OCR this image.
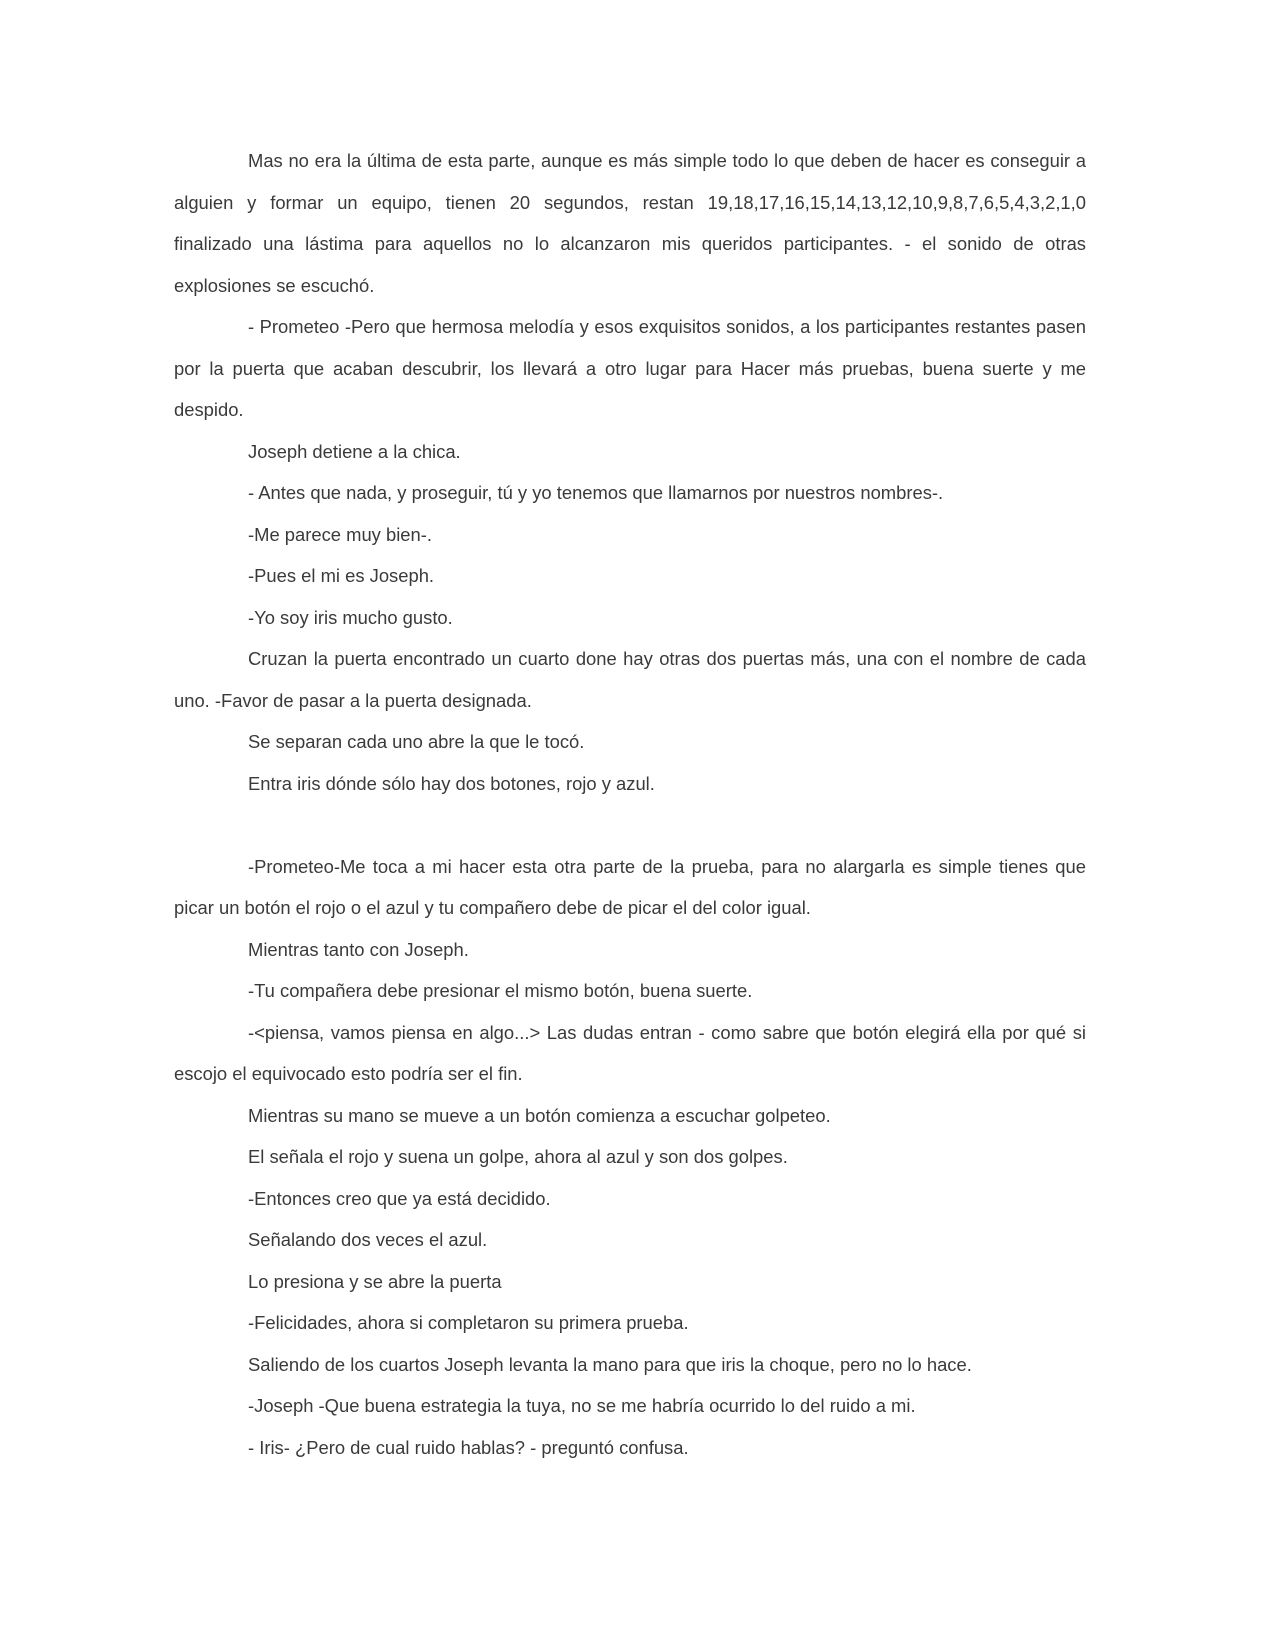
Mas no era la última de esta parte, aunque es más simple todo lo que deben de hacer es conseguir a alguien y formar un equipo, tienen 20 segundos, restan 19,18,17,16,15,14,13,12,10,9,8,7,6,5,4,3,2,1,0 finalizado una lástima para aquellos no lo alcanzaron mis queridos participantes. - el sonido de otras explosiones se escuchó.

- Prometeo -Pero que hermosa melodía y esos exquisitos sonidos, a los participantes restantes pasen por la puerta que acaban descubrir, los llevará a otro lugar para Hacer más pruebas, buena suerte y me despido.

Joseph detiene a la chica.

- Antes que nada, y proseguir, tú y yo tenemos que llamarnos por nuestros nombres-.

-Me parece muy bien-.

-Pues el mi es Joseph.

-Yo soy iris mucho gusto.

Cruzan la puerta encontrado un cuarto done hay otras dos puertas más, una con el nombre de cada uno. -Favor de pasar a la puerta designada.

Se separan cada uno abre la que le tocó.

Entra iris dónde sólo hay dos botones, rojo y azul.

-Prometeo-Me toca a mi hacer esta otra parte de la prueba, para no alargarla es simple tienes que picar un botón el rojo o el azul y tu compañero debe de picar el del color igual.

Mientras tanto con Joseph.

-Tu compañera debe presionar el mismo botón, buena suerte.

-<piensa, vamos piensa en algo...> Las dudas entran - como sabre que botón elegirá ella por qué si escojo el equivocado esto podría ser el fin.

Mientras su mano se mueve a un botón comienza a escuchar golpeteo.

El señala el rojo y suena un golpe, ahora al azul y son dos golpes.

-Entonces creo que ya está decidido.

Señalando dos veces el azul.

Lo presiona y se abre la puerta

-Felicidades, ahora si completaron su primera prueba.

Saliendo de los cuartos Joseph levanta la mano para que iris la choque, pero no lo hace.

-Joseph -Que buena estrategia la tuya, no se me habría ocurrido lo del ruido a mi.

- Iris- ¿Pero de cual ruido hablas? - preguntó confusa.
